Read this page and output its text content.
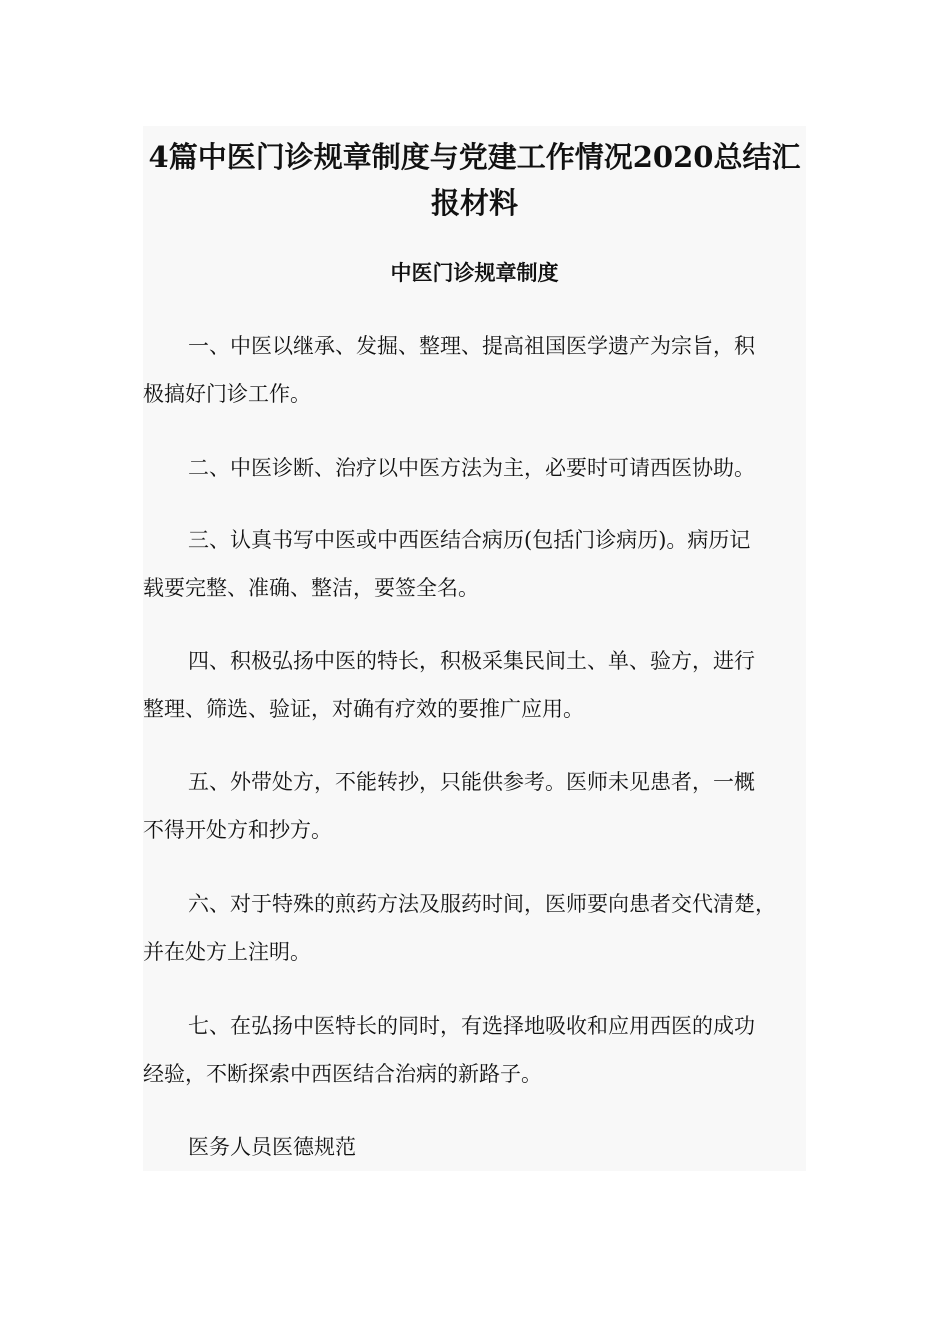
4篇中医门诊规章制度与党建工作情况2020总结汇
报材料
中医门诊规章制度

一、中医以继承、发掘、整理、提高祖国医学遗产为宗旨，积
极搞好门诊工作。

二、中医诊断、治疗以中医方法为主，必要时可请西医协助。

三、认真书写中医或中西医结合病历(包括门诊病历)。病历记
载要完整、准确、整洁，要签全名。

四、积极弘扬中医的特长，积极采集民间土、单、验方，进行
整理、筛选、验证，对确有疗效的要推广应用。

五、外带处方，不能转抄，只能供参考。医师未见患者，一概
不得开处方和抄方。

六、对于特殊的煎药方法及服药时间，医师要向患者交代清楚，
并在处方上注明。

七、在弘扬中医特长的同时，有选择地吸收和应用西医的成功
经验，不断探索中西医结合治病的新路子。

医务人员医德规范
